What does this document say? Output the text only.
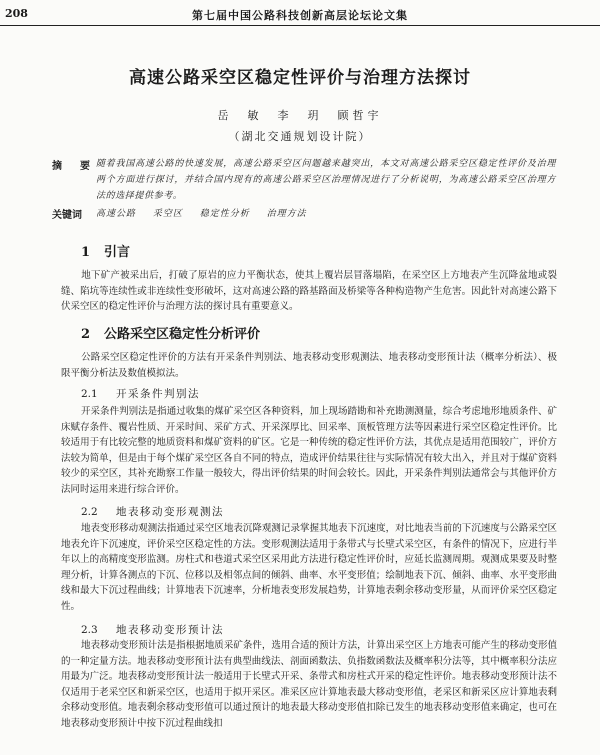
208	第七届中国公路科技创新高层论坛论文集
高速公路采空区稳定性评价与治理方法探讨
岳　敏　李　玥　顾哲宇
（湖北交通规划设计院）
摘　要 随着我国高速公路的快速发展，高速公路采空区问题越来越突出，本文对高速公路采空区稳定性评价及治理两个方面进行探讨，并结合国内现有的高速公路采空区治理情况进行了分析说明，为高速公路采空区治理方法的选择提供参考。
关键词 高速公路 采空区 稳定性分析 治理方法
1 引言
地下矿产被采出后，打破了原岩的应力平衡状态，使其上覆岩层冒落塌陷，在采空区上方地表产生沉降盆地或裂缝、陷坑等连续性或非连续性变形破坏，这对高速公路的路基路面及桥梁等各种构造物产生危害。因此针对高速公路下伏采空区的稳定性评价与治理方法的探讨具有重要意义。
2 公路采空区稳定性分析评价
公路采空区稳定性评价的方法有开采条件判别法、地表移动变形观测法、地表移动变形预计法（概率分析法）、极限平衡分析法及数值模拟法。
2.1 开采条件判别法
开采条件判别法是指通过收集的煤矿采空区各种资料，加上现场踏勘和补充勘测测量，综合考虑地形地质条件、矿床赋存条件、覆岩性质、开采时间、采矿方式、开采深厚比、回采率、顶板管理方法等因素进行采空区稳定性评价。比较适用于有比较完整的地质资料和煤矿资料的矿区。它是一种传统的稳定性评价方法，其优点是适用范围较广，评价方法较为简单，但是由于每个煤矿采空区各自不同的特点，造成评价结果往往与实际情况有较大出入，并且对于煤矿资料较少的采空区，其补充勘察工作量一般较大，得出评价结果的时间会较长。因此，开采条件判别法通常会与其他评价方法同时运用来进行综合评价。
2.2 地表移动变形观测法
地表变形移动观测法指通过采空区地表沉降观测记录掌握其地表下沉速度，对比地表当前的下沉速度与公路采空区地表允许下沉速度，评价采空区稳定性的方法。变形观测法适用于条带式与长壁式采空区，有条件的情况下，应进行半年以上的高精度变形监测。房柱式和巷道式采空区采用此方法进行稳定性评价时，应延长监测周期。观测成果要及时整理分析，计算各测点的下沉、位移以及相邻点间的倾斜、曲率、水平变形值；绘制地表下沉、倾斜、曲率、水平变形曲线和最大下沉过程曲线；计算地表下沉速率，分析地表变形发展趋势，计算地表剩余移动变形量，从而评价采空区稳定性。
2.3 地表移动变形预计法
地表移动变形预计法是指根据地质采矿条件，选用合适的预计方法，计算出采空区上方地表可能产生的移动变形值的一种定量方法。地表移动变形预计法有典型曲线法、剖面函数法、负指数函数法及概率积分法等，其中概率积分法应用最为广泛。地表移动变形预计法一般适用于长壁式开采、条带式和房柱式开采的稳定性评价。地表移动变形预计法不仅适用于老采空区和新采空区，也适用于拟开采区。准采区应计算地表最大移动变形值，老采区和新采区应计算地表剩余移动变形值。地表剩余移动变形值可以通过预计的地表最大移动变形值扣除已发生的地表移动变形值来确定，也可在地表移动变形预计中按下沉过程曲线扣
